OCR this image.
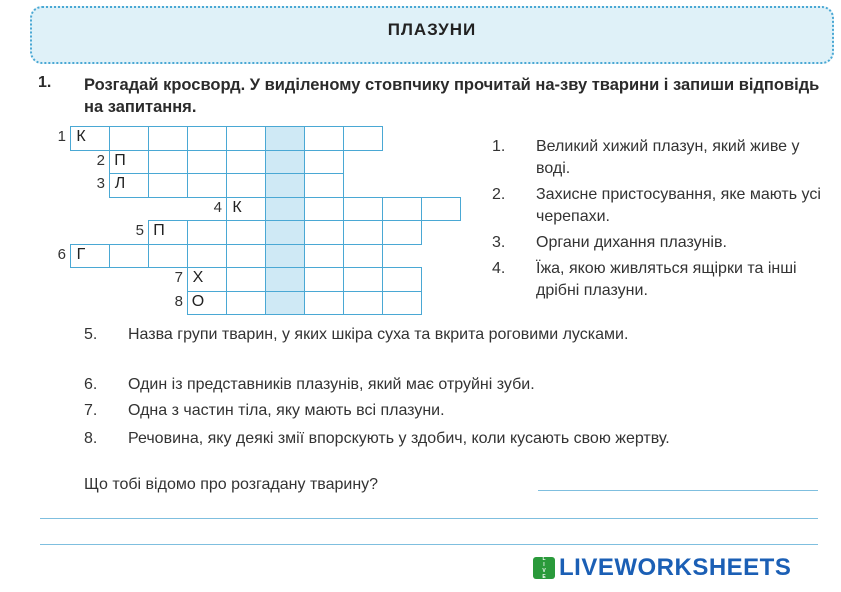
ПЛАЗУНИ
1. Розгадай кросворд. У виділеному стовпчику прочитай на-зву тварини і запиши відповідь на запитання.
1 К
2 П
3 Л
4 К
5 П
6 Г
7 Х
8 О
1.	Великий хижий плазун, який живе у воді.
2.	Захисне пристосування, яке мають усі черепахи.
3.	Органи дихання плазунів.
4.	Їжа, якою живляться ящірки та інші дрібні плазуни.
5.	Назва групи тварин, у яких шкіра суха та вкрита роговими лусками.
6.	Один із представників плазунів, який має отруйні зуби.
7.	Одна з частин тіла, яку мають всі плазуни.
8.	Речовина, яку деякі змії впорскують у здобич, коли кусають свою жертву.
Що тобі відомо про розгадану тварину?
L
I
V
E LIVEWORKSHEETS
